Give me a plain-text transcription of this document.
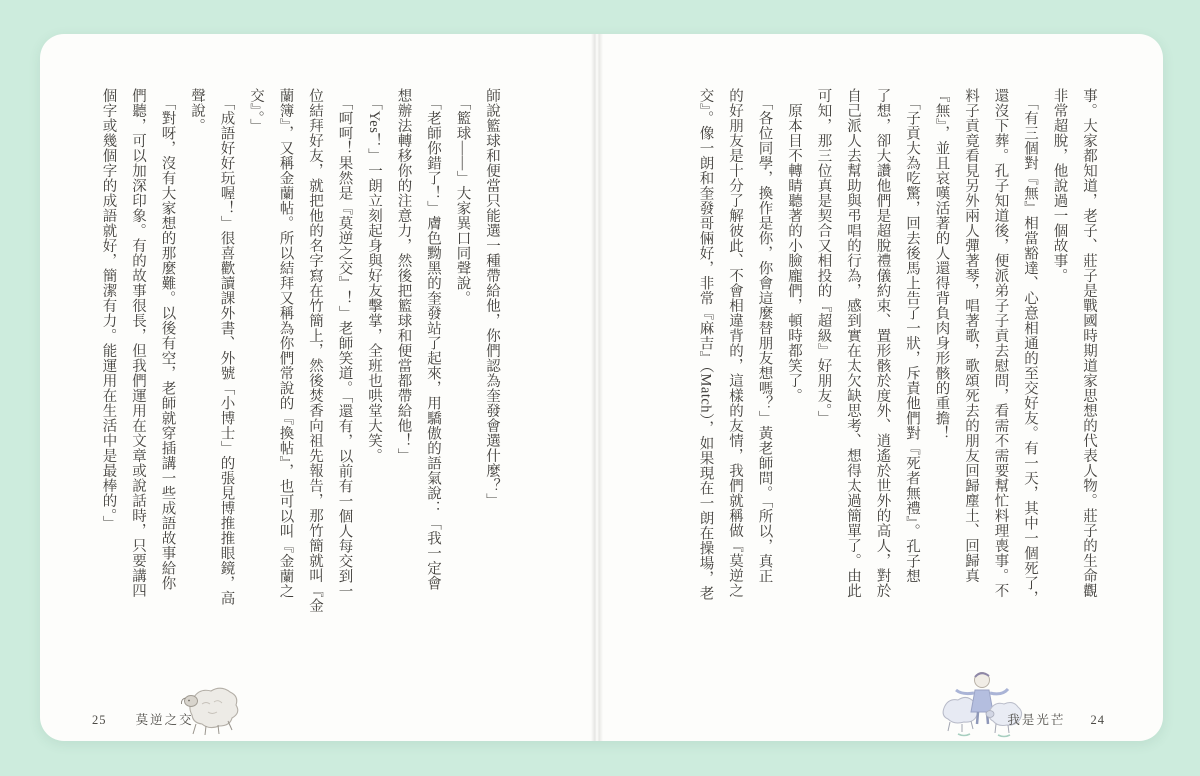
事。大家都知道，老子、莊子是戰國時期道家思想的代表人物。莊子的生命觀
非常超脫，他說過一個故事。
　「有三個對『無』相當豁達、心意相通的至交好友。有一天，其中一個死了，
還沒下葬。孔子知道後，便派弟子子貢去慰問，看需不需要幫忙料理喪事。不
料子貢竟看見另外兩人彈著琴，唱著歌，歌頌死去的朋友回歸塵土、回歸真
『無』，並且哀嘆活著的人還得背負肉身形骸的重擔！
　「子貢大為吃驚，回去後馬上告了一狀，斥責他們對『死者無禮』。孔子想
了想，卻大讚他們是超脫禮儀約束、置形骸於度外、逍遙於世外的高人，對於
自己派人去幫助與弔唱的行為，感到實在太欠缺思考、想得太過簡單了。由此
可知，那三位真是契合又相投的『超級』好朋友。」
　原本目不轉睛聽著的小臉龐們，頓時都笑了。
　「各位同學，換作是你，你會這麼替朋友想嗎？」黃老師問。「所以，真正
的好朋友是十分了解彼此、不會相違背的，這樣的友情，我們就稱做『莫逆之
交』。像一朗和奎發哥倆好，非常『麻吉』（Match），如果現在一朗在操場，老
師說籃球和便當只能選一種帶給他，你們認為奎發會選什麼？」
　「籃球——」大家異口同聲說。
　「老師你錯了！」膚色黝黑的奎發站了起來，用驕傲的語氣說：「我一定會
想辦法轉移你的注意力，然後把籃球和便當都帶給他！」
　「Yes！」一朗立刻起身與好友擊掌，全班也哄堂大笑。
　「呵呵！果然是『莫逆之交』！」老師笑道。「還有，以前有一個人每交到一
位結拜好友，就把他的名字寫在竹簡上，然後焚香向祖先報告，那竹簡就叫『金
蘭簿』，又稱金蘭帖。所以結拜又稱為你們常說的『換帖』，也可以叫『金蘭之
交』。」
　「成語好好玩喔！」很喜歡讀課外書、外號「小博士」的張見博推推眼鏡，高
聲說。
　「對呀，沒有大家想的那麼難。以後有空，老師就穿插講一些成語故事給你
們聽，可以加深印象。有的故事很長，但我們運用在文章或說話時，只要講四
個字或幾個字的成語就好，簡潔有力。能運用在生活中是最棒的。」
25 莫逆之交	我是光芒 24
